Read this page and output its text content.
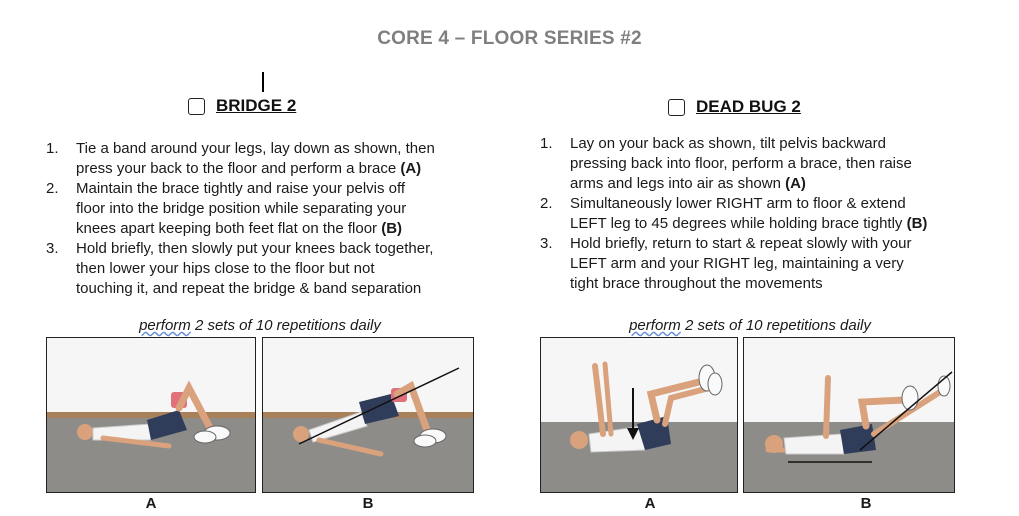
CORE 4 – FLOOR SERIES #2
BRIDGE 2
1. Tie a band around your legs, lay down as shown, then
press your back to the floor and perform a brace (A)
2. Maintain the brace tightly and raise your pelvis off
floor into the bridge position while separating your
knees apart keeping both feet flat on the floor (B)
3. Hold briefly, then slowly put your knees back together,
then lower your hips close to the floor but not
touching it, and repeat the bridge & band separation
perform 2 sets of 10 repetitions daily
A	B
DEAD BUG 2
1. Lay on your back as shown, tilt pelvis backward
pressing back into floor, perform a brace, then raise
arms and legs into air as shown (A)
2. Simultaneously lower RIGHT arm to floor & extend
LEFT leg to 45 degrees while holding brace tightly (B)
3. Hold briefly, return to start & repeat slowly with your
LEFT arm and your RIGHT leg, maintaining a very
tight brace throughout the movements
perform 2 sets of 10 repetitions daily
A	B
